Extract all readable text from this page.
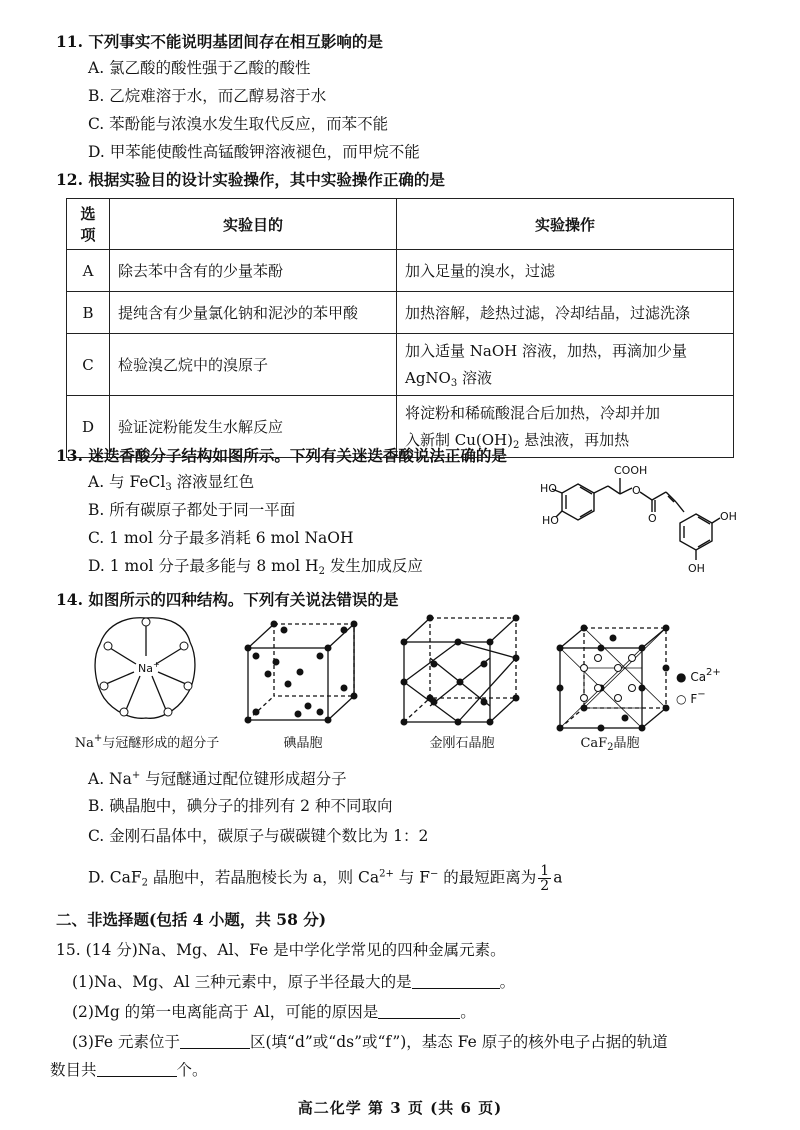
11. 下列事实不能说明基团间存在相互影响的是
A. 氯乙酸的酸性强于乙酸的酸性
B. 乙烷难溶于水，而乙醇易溶于水
C. 苯酚能与浓溴水发生取代反应，而苯不能
D. 甲苯能使酸性高锰酸钾溶液褪色，而甲烷不能
12. 根据实验目的设计实验操作，其中实验操作正确的是
选项	实验目的	实验操作
A	除去苯中含有的少量苯酚	加入足量的溴水，过滤
B	提纯含有少量氯化钠和泥沙的苯甲酸	加热溶解，趁热过滤，冷却结晶，过滤洗涤
C	检验溴乙烷中的溴原子	加入适量 NaOH 溶液，加热，再滴加少量
AgNO$_3$ 溶液

D	验证淀粉能发生水解反应	将淀粉和稀硫酸混合后加热，冷却并加
入新制 $Cu(OH)_2$ 悬浊液，再加热
13. 迷迭香酸分子结构如图所示。下列有关迷迭香酸说法正确的是
A. 与 FeCl$_3$ 溶液显红色
B. 所有碳原子都处于同一平面
C. 1 mol 分子最多消耗 6 mol NaOH
D. 1 mol 分子最多能与 8 mol $H_2$ 发生加成反应
COOH
HO
HO
O
O	OH
OH
14. 如图所示的四种结构。下列有关说法错误的是
Na+
Na+与冠醚形成的超分子	碘晶胞	金刚石晶胞
● $Ca^{2+}$
○ F−
CaF$_2$晶胞
A. Na+ 与冠醚通过配位键形成超分子
B. 碘晶胞中，碘分子的排列有 2 种不同取向
C. 金刚石晶体中，碳原子与碳碳键个数比为 1：2
D. CaF$_2$ 晶胞中，若晶胞棱长为 a，则 $Ca^{2+}$ 与 F− 的最短距离为 $\frac{1}{2}$ a
二、非选择题(包括 4 小题，共 58 分)
15. (14 分)Na、Mg、Al、Fe 是中学化学常见的四种金属元素。
(1)Na、Mg、Al 三种元素中，原子半径最大的是	。
(2)Mg 的第一电离能高于 Al，可能的原因是	。
(3)Fe 元素位于	区(填“d”或“ds”或“f”)，基态 Fe 原子的核外电子占据的轨道
数目共	个。
高二化学 第 3 页 (共 6 页)
